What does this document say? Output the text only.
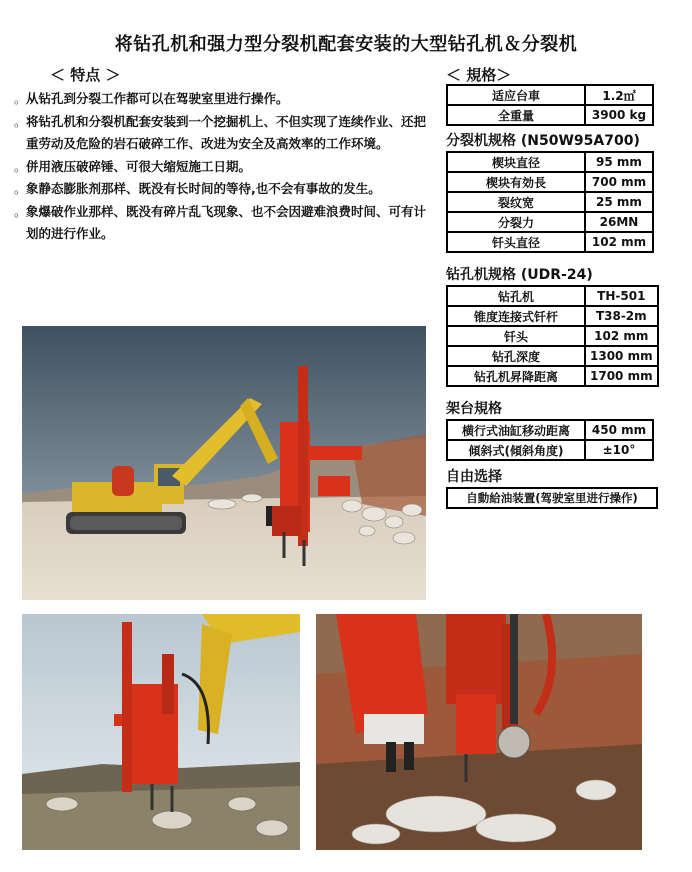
将钻孔机和强力型分裂机配套安装的大型钻孔机＆分裂机
＜ 特点 ＞
。 从钻孔到分裂工作都可以在驾驶室里进行操作。
。 将钻孔机和分裂机配套安装到一个挖掘机上、不但实现了连续作业、还把重劳动及危险的岩石破碎工作、改进为安全及高效率的工作环境。
。 併用液压破碎锤、可很大缩短施工日期。
。 象静态膨胀剂那样、既没有长时间的等待,也不会有事故的发生。
。 象爆破作业那样、既没有碎片乱飞现象、也不会因避难浪费时间、可有计划的进行作业。
＜ 規格＞
适应台車	1.2㎥
全重量	3900 kg
分裂机规格 (N50W95A700)
楔块直径	95 mm
楔块有効長	700 mm
裂纹宽	25 mm
分裂力	26MN
钎头直径	102 mm
钻孔机规格 (UDR-24)
钻孔机	TH-501
锥度连接式钎杆	T38-2m
钎头	102 mm
钻孔深度	1300 mm
钻孔机昇降距离	1700 mm
架台規格
横行式油缸移动距离	450 mm
傾斜式(傾斜角度)	±10°
自由选择
自動給油装置(驾驶室里进行操作)
